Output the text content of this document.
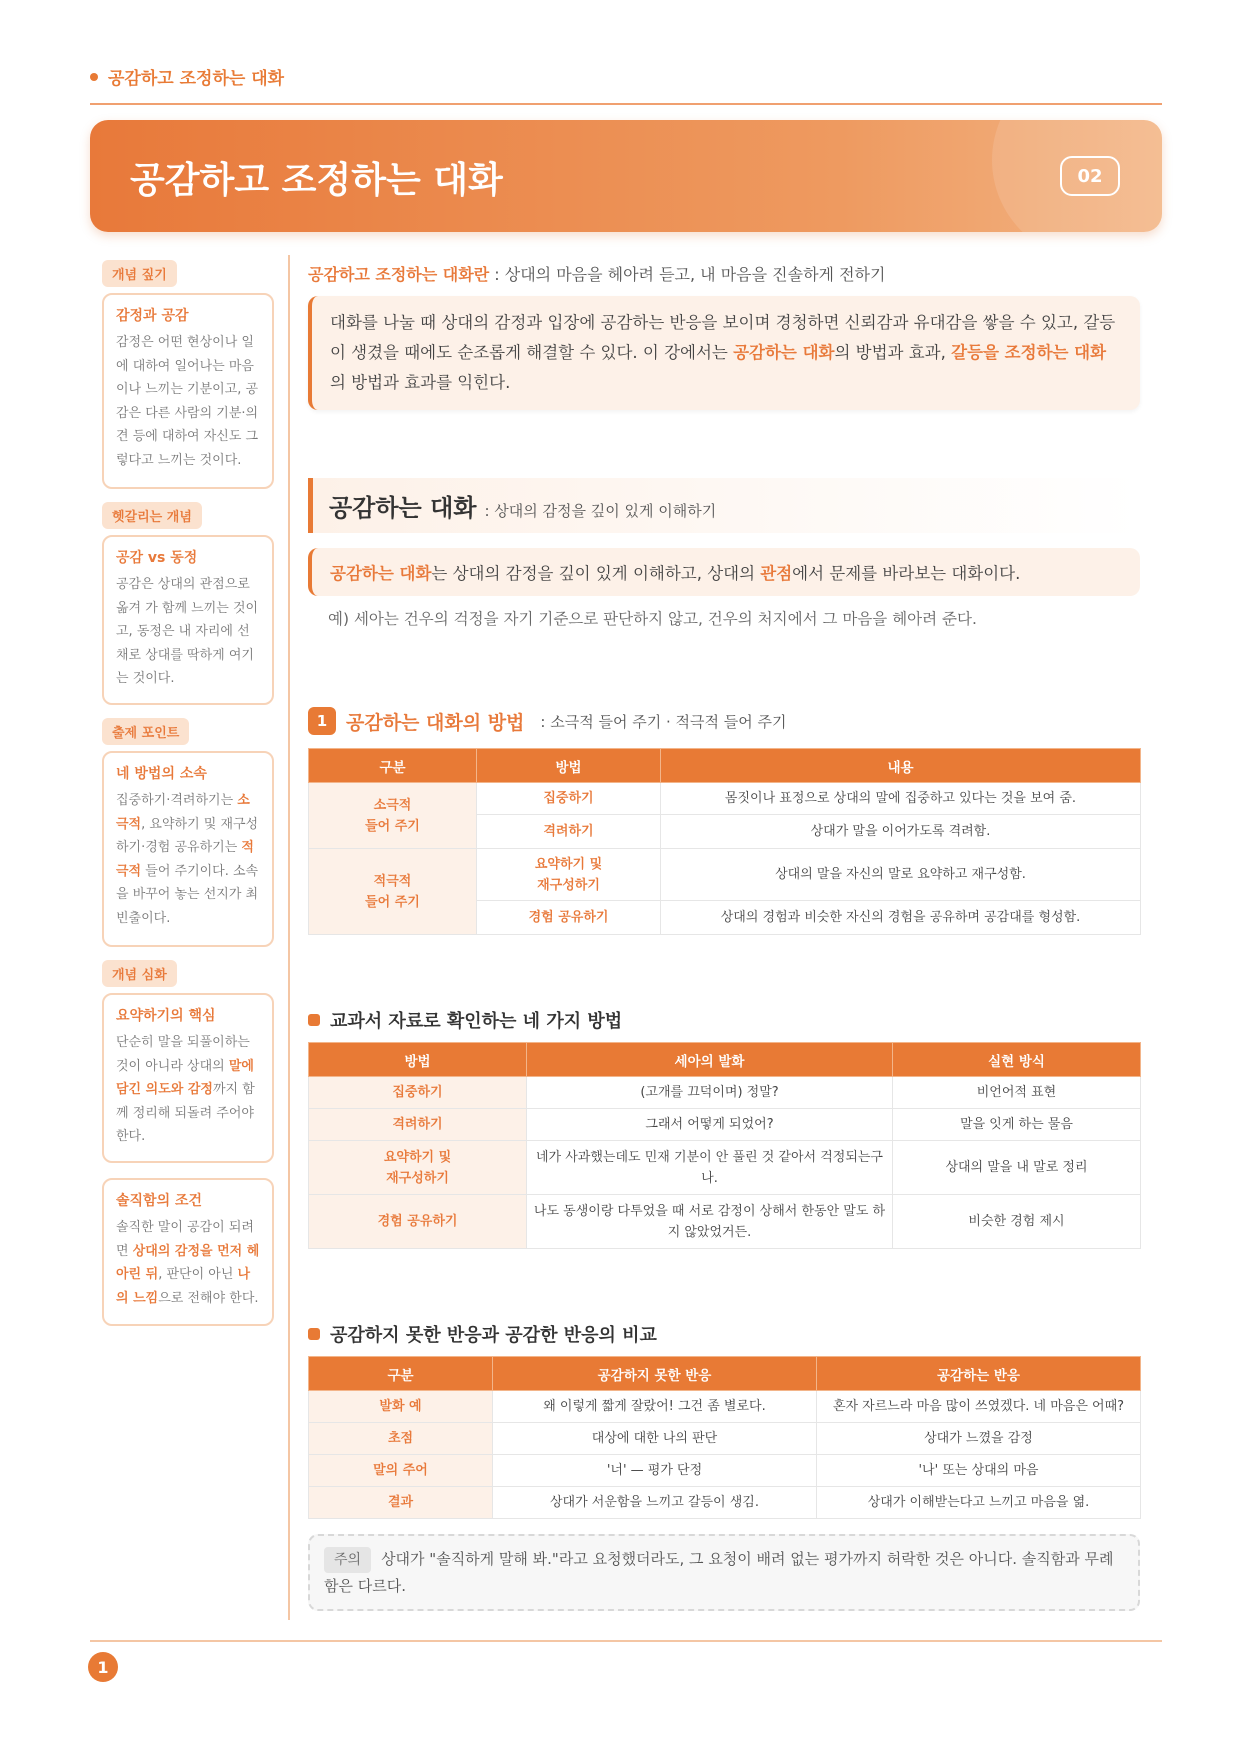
공감하고 조정하는 대화
공감하고 조정하는 대화	02
개념 짚기
감정과 공감
감정은 어떤 현상이나 일에 대하여 일어나는 마음이나 느끼는 기분이고, 공감은 다른 사람의 기분·의견 등에 대하여 자신도 그렇다고 느끼는 것이다.
헷갈리는 개념
공감 vs 동정
공감은 상대의 관점으로 옮겨 가 함께 느끼는 것이고, 동정은 내 자리에 선 채로 상대를 딱하게 여기는 것이다.
출제 포인트
네 방법의 소속
집중하기·격려하기는 소극적, 요약하기 및 재구성하기·경험 공유하기는 적극적 들어 주기이다. 소속을 바꾸어 놓는 선지가 최빈출이다.
개념 심화
요약하기의 핵심
단순히 말을 되풀이하는 것이 아니라 상대의 말에 담긴 의도와 감정까지 함께 정리해 되돌려 주어야 한다.
솔직함의 조건
솔직한 말이 공감이 되려면 상대의 감정을 먼저 헤아린 뒤, 판단이 아닌 나의 느낌으로 전해야 한다.
공감하고 조정하는 대화란 : 상대의 마음을 헤아려 듣고, 내 마음을 진솔하게 전하기
대화를 나눌 때 상대의 감정과 입장에 공감하는 반응을 보이며 경청하면 신뢰감과 유대감을 쌓을 수 있고, 갈등이 생겼을 때에도 순조롭게 해결할 수 있다. 이 강에서는 공감하는 대화의 방법과 효과, 갈등을 조정하는 대화의 방법과 효과를 익힌다.
공감하는 대화 : 상대의 감정을 깊이 있게 이해하기
공감하는 대화는 상대의 감정을 깊이 있게 이해하고, 상대의 관점에서 문제를 바라보는 대화이다.
예) 세아는 건우의 걱정을 자기 기준으로 판단하지 않고, 건우의 처지에서 그 마음을 헤아려 준다.
1 공감하는 대화의 방법 : 소극적 들어 주기 · 적극적 들어 주기
구분	방법	내용
소극적
들어 주기	집중하기	몸짓이나 표정으로 상대의 말에 집중하고 있다는 것을 보여 줌.
	격려하기	상대가 말을 이어가도록 격려함.
적극적
들어 주기	요약하기 및
재구성하기	상대의 말을 자신의 말로 요약하고 재구성함.
	경험 공유하기	상대의 경험과 비슷한 자신의 경험을 공유하며 공감대를 형성함.
교과서 자료로 확인하는 네 가지 방법
방법	세아의 발화	실현 방식
집중하기	(고개를 끄덕이며) 정말?	비언어적 표현
격려하기	그래서 어떻게 되었어?	말을 잇게 하는 물음
요약하기 및
재구성하기	네가 사과했는데도 민재 기분이 안 풀린 것 같아서 걱정되는구나.	상대의 말을 내 말로 정리
경험 공유하기	나도 동생이랑 다투었을 때 서로 감정이 상해서 한동안 말도 하지 않았었거든.	비슷한 경험 제시
공감하지 못한 반응과 공감한 반응의 비교
구분	공감하지 못한 반응	공감하는 반응
발화 예	왜 이렇게 짧게 잘랐어! 그건 좀 별로다.	혼자 자르느라 마음 많이 쓰였겠다. 네 마음은 어때?
초점	대상에 대한 나의 판단	상대가 느꼈을 감정
말의 주어	'너' — 평가 단정	'나' 또는 상대의 마음
결과	상대가 서운함을 느끼고 갈등이 생김.	상대가 이해받는다고 느끼고 마음을 엶.
주의 상대가 "솔직하게 말해 봐."라고 요청했더라도, 그 요청이 배려 없는 평가까지 허락한 것은 아니다. 솔직함과 무례함은 다르다.
1
